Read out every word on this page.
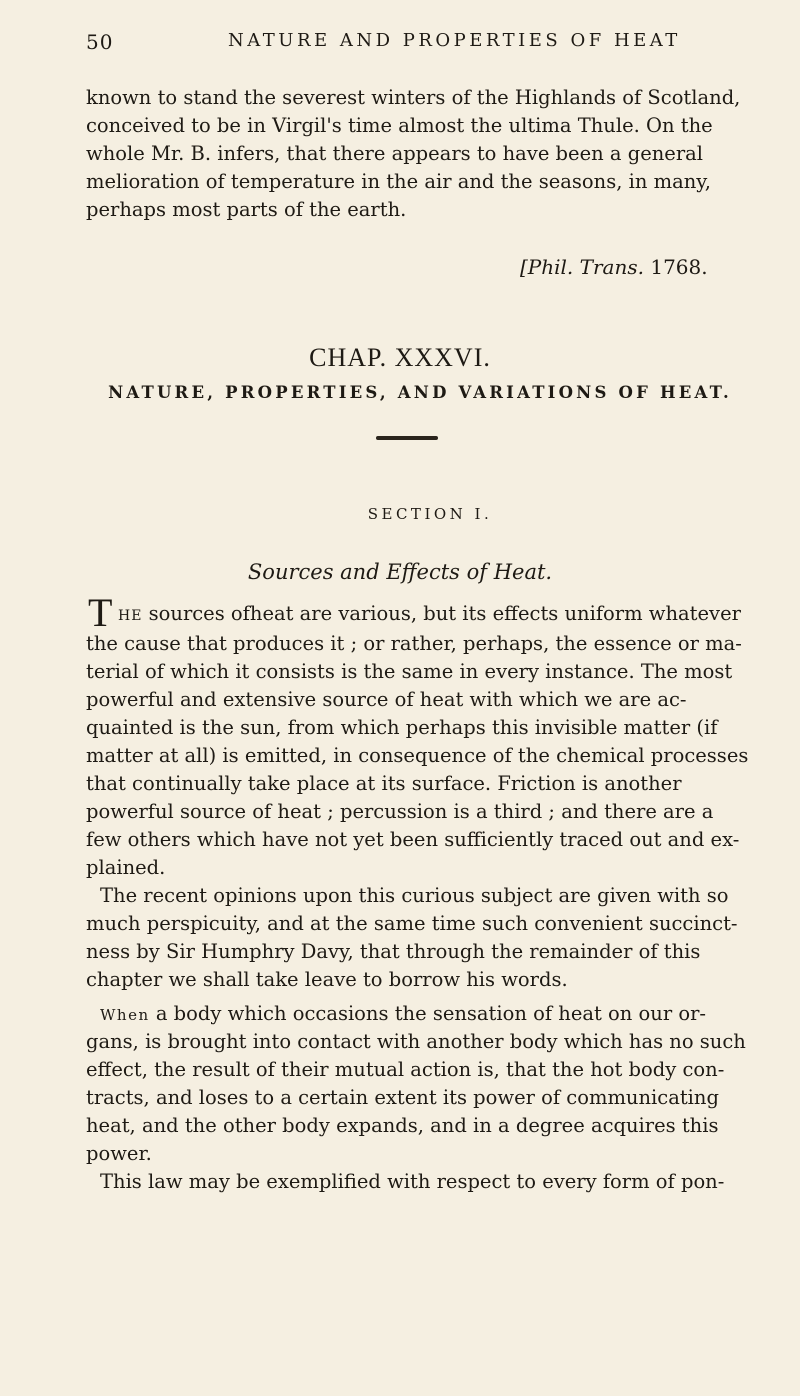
50	NATURE AND PROPERTIES OF HEAT
known to stand the severest winters of the Highlands of Scotland,
conceived to be in Virgil's time almost the ultima Thule. On the
whole Mr. B. infers, that there appears to have been a general
melioration of temperature in the air and the seasons, in many,
perhaps most parts of the earth.
[Phil. Trans. 1768.
CHAP. XXXVI.
NATURE, PROPERTIES, AND VARIATIONS OF HEAT.
SECTION I.
Sources and Effects of Heat.
T HE sources ofheat are various, but its effects uniform whatever
the cause that produces it ; or rather, perhaps, the essence or ma-
terial of which it consists is the same in every instance. The most
powerful and extensive source of heat with which we are ac-
quainted is the sun, from which perhaps this invisible matter (if
matter at all) is emitted, in consequence of the chemical processes
that continually take place at its surface. Friction is another
powerful source of heat ; percussion is a third ; and there are a
few others which have not yet been sufficiently traced out and ex-
plained.
The recent opinions upon this curious subject are given with so
much perspicuity, and at the same time such convenient succinct-
ness by Sir Humphry Davy, that through the remainder of this
chapter we shall take leave to borrow his words.
When a body which occasions the sensation of heat on our or-
gans, is brought into contact with another body which has no such
effect, the result of their mutual action is, that the hot body con-
tracts, and loses to a certain extent its power of communicating
heat, and the other body expands, and in a degree acquires this
power.
This law may be exemplified with respect to every form of pon-
